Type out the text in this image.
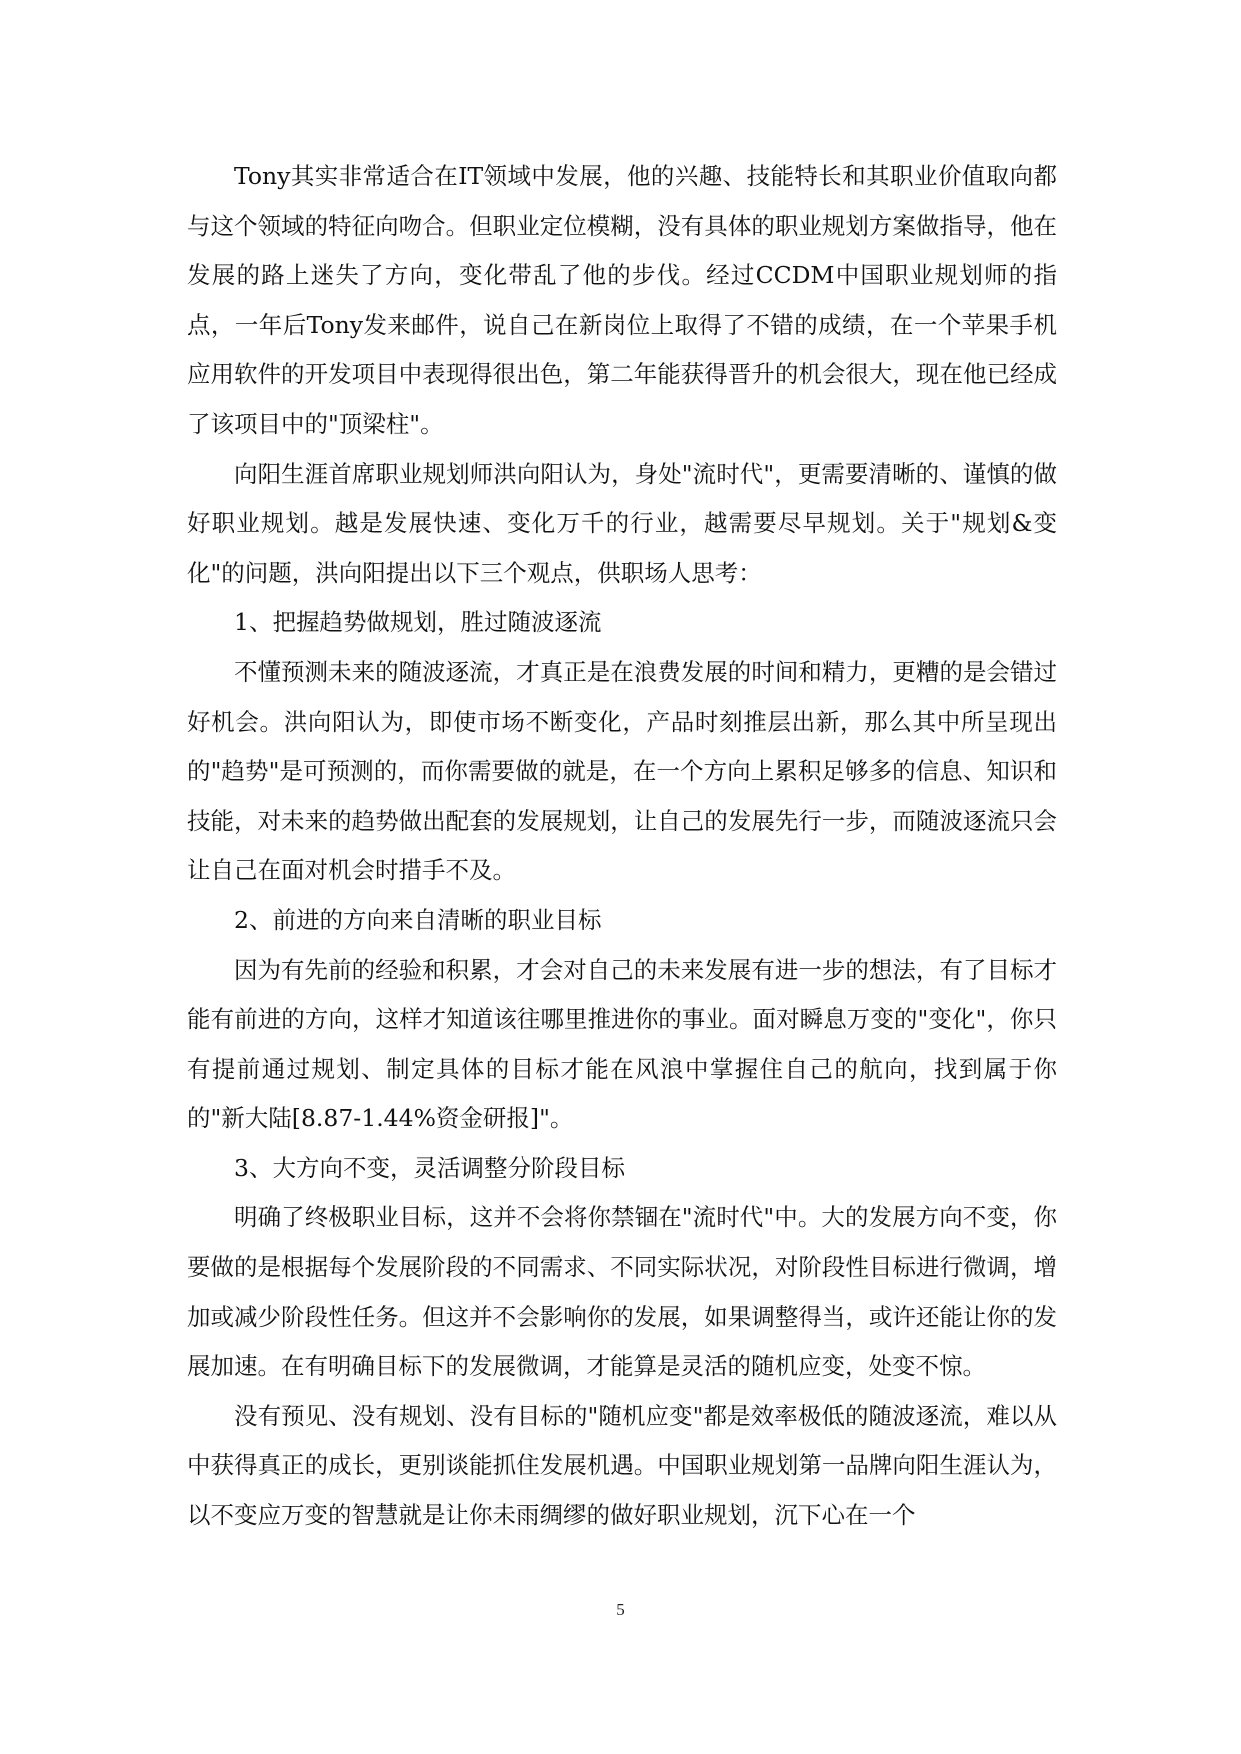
Tony其实非常适合在IT领域中发展，他的兴趣、技能特长和其职业价值取向都与这个领域的特征向吻合。但职业定位模糊，没有具体的职业规划方案做指导，他在发展的路上迷失了方向，变化带乱了他的步伐。经过CCDM中国职业规划师的指点，一年后Tony发来邮件，说自己在新岗位上取得了不错的成绩，在一个苹果手机应用软件的开发项目中表现得很出色，第二年能获得晋升的机会很大，现在他已经成了该项目中的"顶梁柱"。

向阳生涯首席职业规划师洪向阳认为，身处"流时代"，更需要清晰的、谨慎的做好职业规划。越是发展快速、变化万千的行业，越需要尽早规划。关于"规划&变化"的问题，洪向阳提出以下三个观点，供职场人思考：

1、把握趋势做规划，胜过随波逐流

不懂预测未来的随波逐流，才真正是在浪费发展的时间和精力，更糟的是会错过好机会。洪向阳认为，即使市场不断变化，产品时刻推层出新，那么其中所呈现出的"趋势"是可预测的，而你需要做的就是，在一个方向上累积足够多的信息、知识和技能，对未来的趋势做出配套的发展规划，让自己的发展先行一步，而随波逐流只会让自己在面对机会时措手不及。

2、前进的方向来自清晰的职业目标

因为有先前的经验和积累，才会对自己的未来发展有进一步的想法，有了目标才能有前进的方向，这样才知道该往哪里推进你的事业。面对瞬息万变的"变化"，你只有提前通过规划、制定具体的目标才能在风浪中掌握住自己的航向，找到属于你的"新大陆[8.87-1.44%资金研报]"。

3、大方向不变，灵活调整分阶段目标

明确了终极职业目标，这并不会将你禁锢在"流时代"中。大的发展方向不变，你要做的是根据每个发展阶段的不同需求、不同实际状况，对阶段性目标进行微调，增加或减少阶段性任务。但这并不会影响你的发展，如果调整得当，或许还能让你的发展加速。在有明确目标下的发展微调，才能算是灵活的随机应变，处变不惊。

没有预见、没有规划、没有目标的"随机应变"都是效率极低的随波逐流，难以从中获得真正的成长，更别谈能抓住发展机遇。中国职业规划第一品牌向阳生涯认为，以不变应万变的智慧就是让你未雨绸缪的做好职业规划，沉下心在一个

5
